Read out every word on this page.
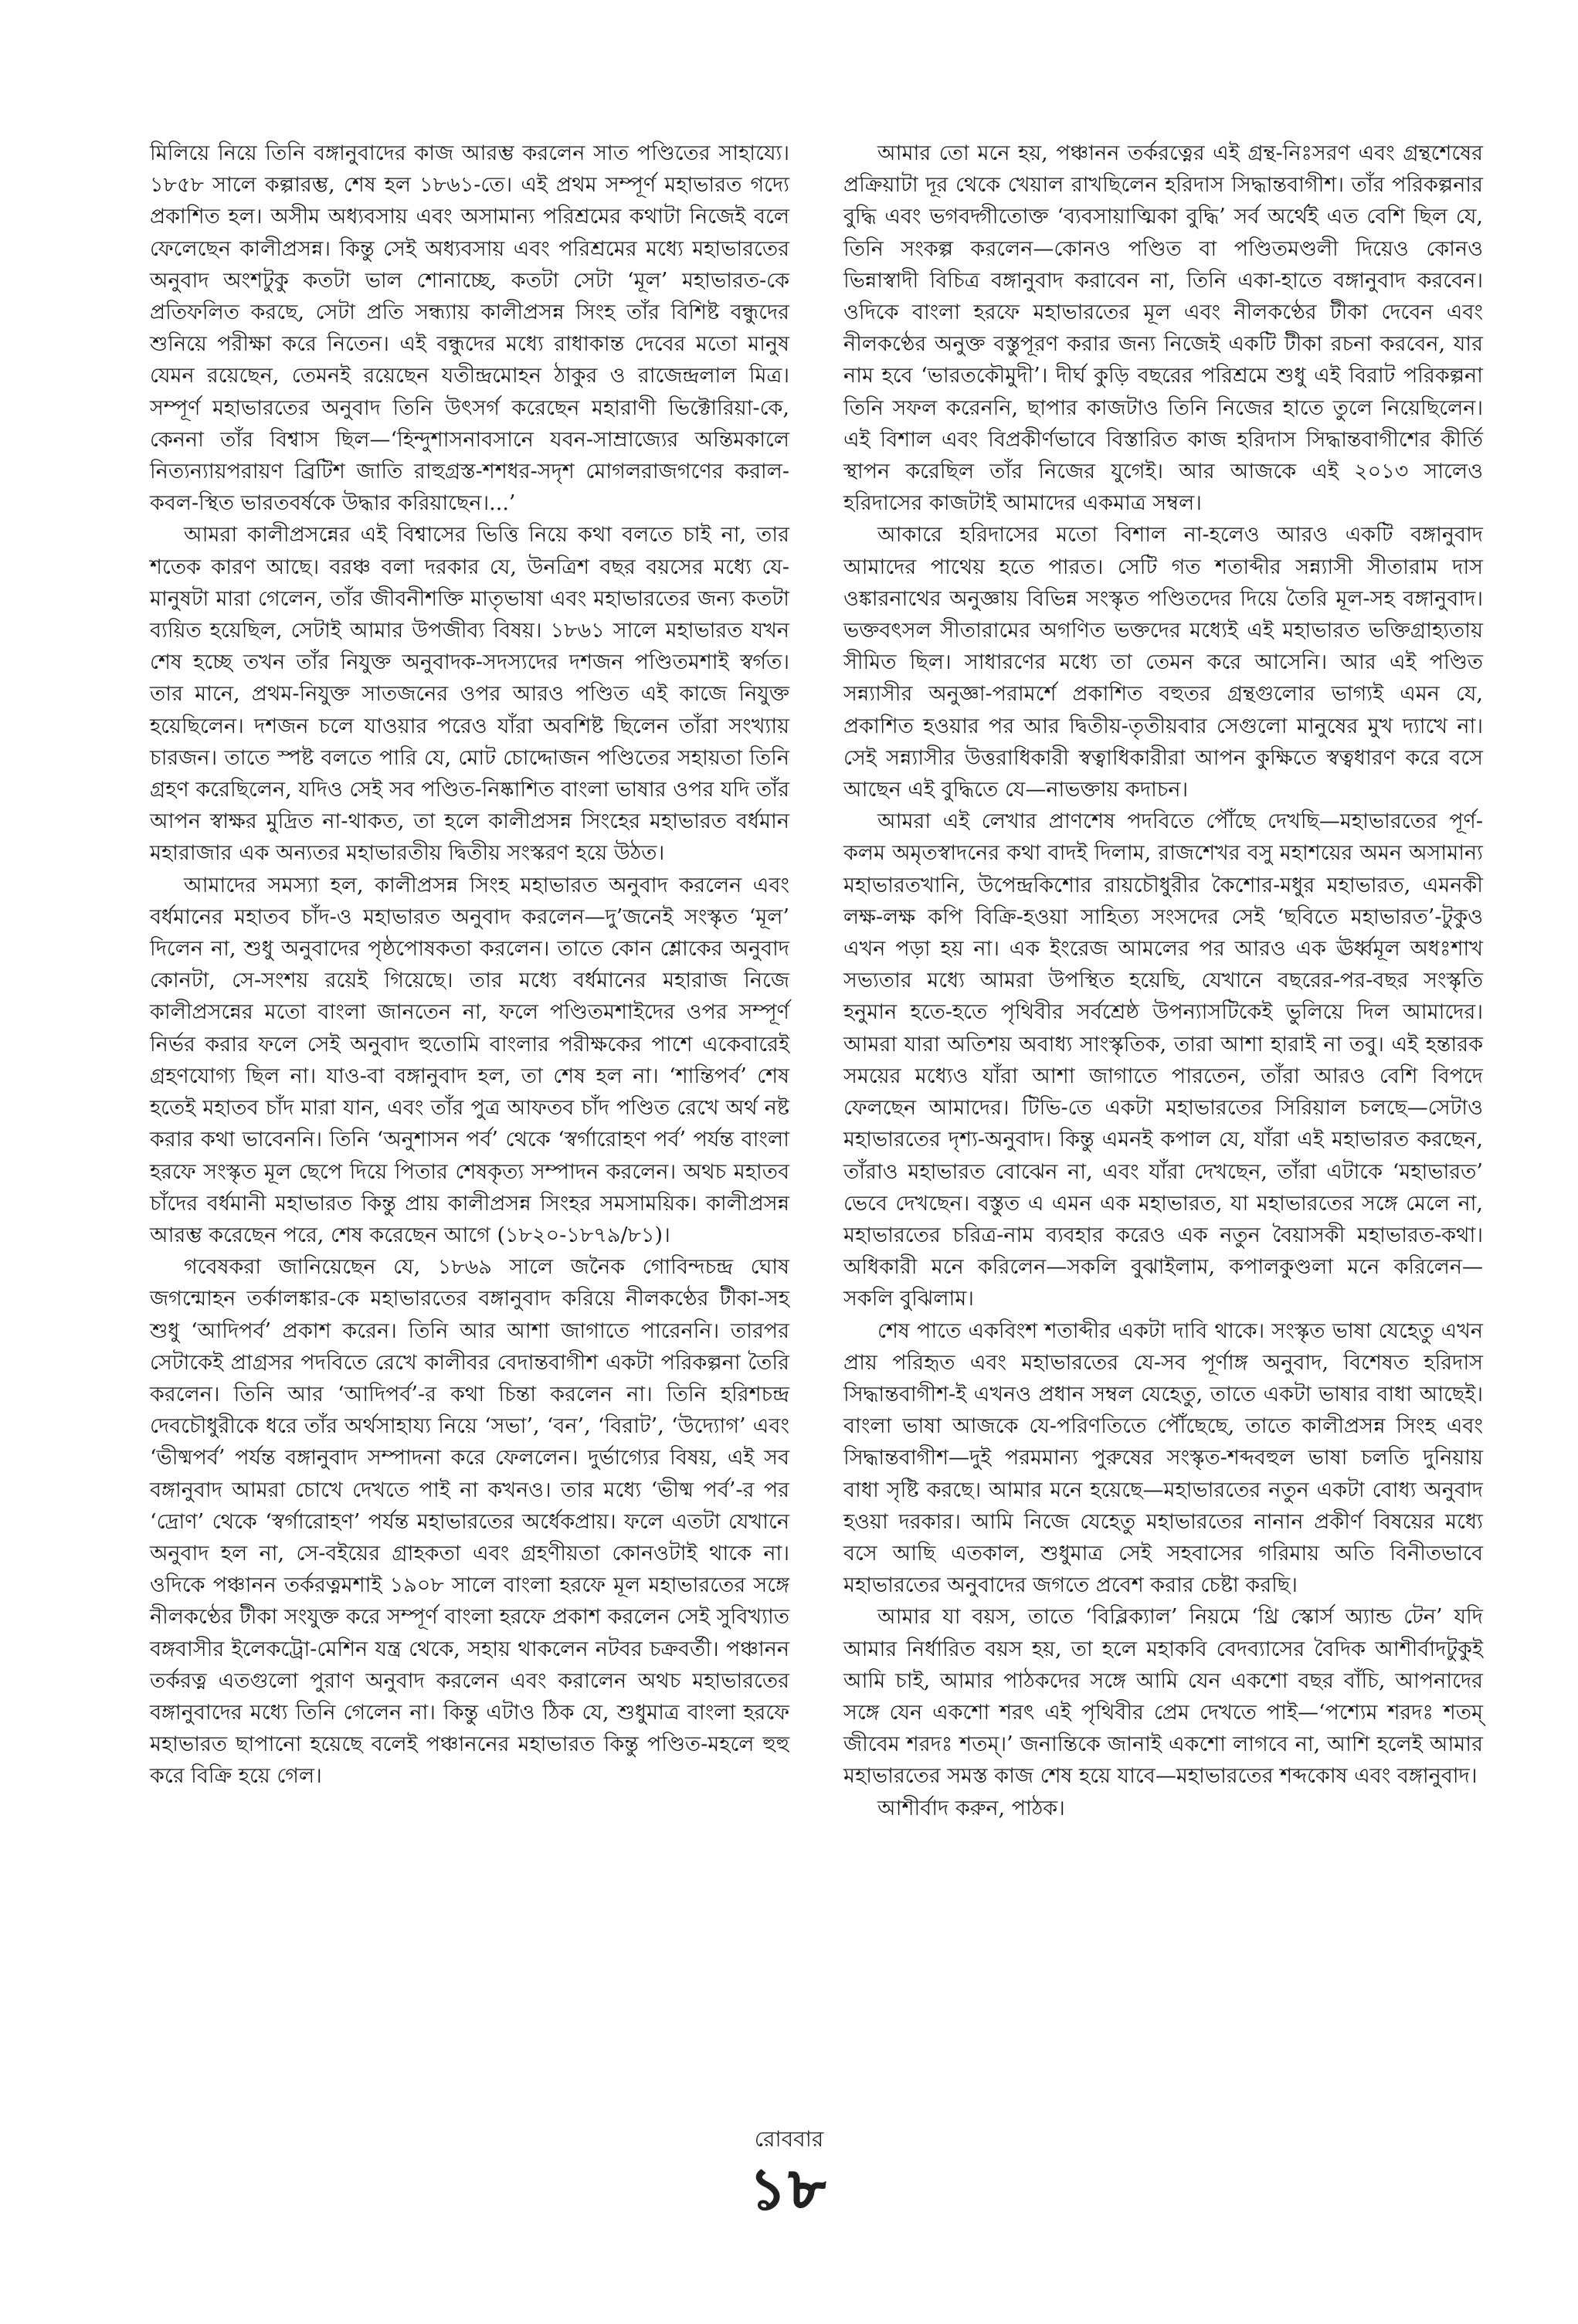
মিলিয়ে নিয়ে তিনি বঙ্গানুবাদের কাজ আরম্ভ করলেন সাত পণ্ডিতের সাহায্যে। ১৮৫৮ সালে কল্পারম্ভ, শেষ হল ১৮৬১-তে। এই প্রথম সম্পূর্ণ মহাভারত গদ্যে প্রকাশিত হল। অসীম অধ্যবসায় এবং অসামান্য পরিশ্রমের কথাটা নিজেই বলে ফেলেছেন কালীপ্রসন্ন। কিন্তু সেই অধ্যবসায় এবং পরিশ্রমের মধ্যে মহাভারতের অনুবাদ অংশটুকু কতটা ভাল শোনাচ্ছে, কতটা সেটা ‘মূল’ মহাভারত-কে প্রতিফলিত করছে, সেটা প্রতি সন্ধ্যায় কালীপ্রসন্ন সিংহ তাঁর বিশিষ্ট বন্ধুদের শুনিয়ে পরীক্ষা করে নিতেন। এই বন্ধুদের মধ্যে রাধাকান্ত দেবের মতো মানুষ যেমন রয়েছেন, তেমনই রয়েছেন যতীন্দ্রমোহন ঠাকুর ও রাজেন্দ্রলাল মিত্র। সম্পূর্ণ মহাভারতের অনুবাদ তিনি উৎসর্গ করেছেন মহারাণী ভিক্টোরিয়া-কে, কেননা তাঁর বিশ্বাস ছিল—‘হিন্দুশাসনাবসানে যবন-সাম্রাজ্যের অন্তিমকালে নিত্যন্যায়পরায়ণ ব্রিটিশ জাতি রাহুগ্রস্ত-শশধর-সদৃশ মোগলরাজগণের করাল-কবল-স্থিত ভারতবর্ষকে উদ্ধার করিয়াছেন।...’

আমরা কালীপ্রসন্নের এই বিশ্বাসের ভিত্তি নিয়ে কথা বলতে চাই না, তার শতেক কারণ আছে। বরঞ্চ বলা দরকার যে, উনত্রিশ বছর বয়সের মধ্যে যে-মানুষটা মারা গেলেন, তাঁর জীবনীশক্তি মাতৃভাষা এবং মহাভারতের জন্য কতটা ব্যয়িত হয়েছিল, সেটাই আমার উপজীব্য বিষয়। ১৮৬১ সালে মহাভারত যখন শেষ হচ্ছে তখন তাঁর নিযুক্ত অনুবাদক-সদস্যদের দশজন পণ্ডিতমশাই স্বর্গত। তার মানে, প্রথম-নিযুক্ত সাতজনের ওপর আরও পণ্ডিত এই কাজে নিযুক্ত হয়েছিলেন। দশজন চলে যাওয়ার পরেও যাঁরা অবশিষ্ট ছিলেন তাঁরা সংখ্যায় চারজন। তাতে স্পষ্ট বলতে পারি যে, মোট চোদ্দোজন পণ্ডিতের সহায়তা তিনি গ্রহণ করেছিলেন, যদিও সেই সব পণ্ডিত-নিষ্কাশিত বাংলা ভাষার ওপর যদি তাঁর আপন স্বাক্ষর মুদ্রিত না-থাকত, তা হলে কালীপ্রসন্ন সিংহের মহাভারত বর্ধমান মহারাজার এক অন্যতর মহাভারতীয় দ্বিতীয় সংস্করণ হয়ে উঠত।

আমাদের সমস্যা হল, কালীপ্রসন্ন সিংহ মহাভারত অনুবাদ করলেন এবং বর্ধমানের মহাতব চাঁদ-ও মহাভারত অনুবাদ করলেন—দু’জনেই সংস্কৃত ‘মূল’ দিলেন না, শুধু অনুবাদের পৃষ্ঠপোষকতা করলেন। তাতে কোন শ্লোকের অনুবাদ কোনটা, সে-সংশয় রয়েই গিয়েছে। তার মধ্যে বর্ধমানের মহারাজ নিজে কালীপ্রসন্নের মতো বাংলা জানতেন না, ফলে পণ্ডিতমশাইদের ওপর সম্পূর্ণ নির্ভর করার ফলে সেই অনুবাদ হুতোমি বাংলার পরীক্ষকের পাশে একেবারেই গ্রহণযোগ্য ছিল না। যাও-বা বঙ্গানুবাদ হল, তা শেষ হল না। ‘শান্তিপর্ব’ শেষ হতেই মহাতব চাঁদ মারা যান, এবং তাঁর পুত্র আফতব চাঁদ পণ্ডিত রেখে অর্থ নষ্ট করার কথা ভাবেননি। তিনি ‘অনুশাসন পর্ব’ থেকে ‘স্বর্গারোহণ পর্ব’ পর্যন্ত বাংলা হরফে সংস্কৃত মূল ছেপে দিয়ে পিতার শেষকৃত্য সম্পাদন করলেন। অথচ মহাতব চাঁদের বর্ধমানী মহাভারত কিন্তু প্রায় কালীপ্রসন্ন সিংহর সমসাময়িক। কালীপ্রসন্ন আরম্ভ করেছেন পরে, শেষ করেছেন আগে (১৮২০-১৮৭৯/৮১)।

গবেষকরা জানিয়েছেন যে, ১৮৬৯ সালে জনৈক গোবিন্দচন্দ্র ঘোষ জগন্মোহন তর্কালঙ্কার-কে মহাভারতের বঙ্গানুবাদ করিয়ে নীলকণ্ঠের টীকা-সহ শুধু ‘আদিপর্ব’ প্রকাশ করেন। তিনি আর আশা জাগাতে পারেননি। তারপর সেটাকেই প্রাগ্রসর পদবিতে রেখে কালীবর বেদান্তবাগীশ একটা পরিকল্পনা তৈরি করলেন। তিনি আর ‘আদিপর্ব’-র কথা চিন্তা করলেন না। তিনি হরিশচন্দ্র দেবচৌধুরীকে ধরে তাঁর অর্থসাহায্য নিয়ে ‘সভা’, ‘বন’, ‘বিরাট’, ‘উদ্যোগ’ এবং ‘ভীষ্মপর্ব’ পর্যন্ত বঙ্গানুবাদ সম্পাদনা করে ফেললেন। দুর্ভাগ্যের বিষয়, এই সব বঙ্গানুবাদ আমরা চোখে দেখতে পাই না কখনও। তার মধ্যে ‘ভীষ্ম পর্ব’-র পর ‘দ্রোণ’ থেকে ‘স্বর্গারোহণ’ পর্যন্ত মহাভারতের অর্ধেকপ্রায়। ফলে এতটা যেখানে অনুবাদ হল না, সে-বইয়ের গ্রাহকতা এবং গ্রহণীয়তা কোনওটাই থাকে না। ওদিকে পঞ্চানন তর্করত্নমশাই ১৯০৮ সালে বাংলা হরফে মূল মহাভারতের সঙ্গে নীলকণ্ঠের টীকা সংযুক্ত করে সম্পূর্ণ বাংলা হরফে প্রকাশ করলেন সেই সুবিখ্যাত বঙ্গবাসীর ইলেকট্রো-মেশিন যন্ত্র থেকে, সহায় থাকলেন নটবর চক্রবর্তী। পঞ্চানন তর্করত্ন এতগুলো পুরাণ অনুবাদ করলেন এবং করালেন অথচ মহাভারতের বঙ্গানুবাদের মধ্যে তিনি গেলেন না। কিন্তু এটাও ঠিক যে, শুধুমাত্র বাংলা হরফে মহাভারত ছাপানো হয়েছে বলেই পঞ্চাননের মহাভারত কিন্তু পণ্ডিত-মহলে হুহু করে বিক্রি হয়ে গেল।

আমার তো মনে হয়, পঞ্চানন তর্করত্নের এই গ্রন্থ-নিঃসরণ এবং গ্রন্থশেষের প্রক্রিয়াটা দূর থেকে খেয়াল রাখছিলেন হরিদাস সিদ্ধান্তবাগীশ। তাঁর পরিকল্পনার বুদ্ধি এবং ভগবদ্গীতোক্ত ‘ব্যবসায়াত্মিকা বুদ্ধি’ সর্ব অর্থেই এত বেশি ছিল যে, তিনি সংকল্প করলেন—কোনও পণ্ডিত বা পণ্ডিতমণ্ডলী দিয়েও কোনও ভিন্নাস্বাদী বিচিত্র বঙ্গানুবাদ করাবেন না, তিনি একা-হাতে বঙ্গানুবাদ করবেন। ওদিকে বাংলা হরফে মহাভারতের মূল এবং নীলকণ্ঠের টীকা দেবেন এবং নীলকণ্ঠের অনুক্ত বস্তুপূরণ করার জন্য নিজেই একটি টীকা রচনা করবেন, যার নাম হবে ‘ভারতকৌমুদী’। দীর্ঘ কুড়ি বছরের পরিশ্রমে শুধু এই বিরাট পরিকল্পনা তিনি সফল করেননি, ছাপার কাজটাও তিনি নিজের হাতে তুলে নিয়েছিলেন। এই বিশাল এবং বিপ্রকীর্ণভাবে বিস্তারিত কাজ হরিদাস সিদ্ধান্তবাগীশের কীর্তি স্থাপন করেছিল তাঁর নিজের যুগেই। আর আজকে এই ২০১৩ সালেও হরিদাসের কাজটাই আমাদের একমাত্র সম্বল।

আকারে হরিদাসের মতো বিশাল না-হলেও আরও একটি বঙ্গানুবাদ আমাদের পাথেয় হতে পারত। সেটি গত শতাব্দীর সন্ন্যাসী সীতারাম দাস ওঙ্কারনাথের অনুজ্ঞায় বিভিন্ন সংস্কৃত পণ্ডিতদের দিয়ে তৈরি মূল-সহ বঙ্গানুবাদ। ভক্তবৎসল সীতারামের অগণিত ভক্তদের মধ্যেই এই মহাভারত ভক্তিগ্রাহ্যতায় সীমিত ছিল। সাধারণের মধ্যে তা তেমন করে আসেনি। আর এই পণ্ডিত সন্ন্যাসীর অনুজ্ঞা-পরামর্শে প্রকাশিত বহুতর গ্রন্থগুলোর ভাগ্যই এমন যে, প্রকাশিত হওয়ার পর আর দ্বিতীয়-তৃতীয়বার সেগুলো মানুষের মুখ দ্যাখে না। সেই সন্ন্যাসীর উত্তরাধিকারী স্বত্বাধিকারীরা আপন কুক্ষিতে স্বত্বধারণ করে বসে আছেন এই বুদ্ধিতে যে—নাভক্তায় কদাচন।

আমরা এই লেখার প্রাণশেষ পদবিতে পৌঁছে দেখছি—মহাভারতের পূর্ণ-কলম অমৃতস্বাদনের কথা বাদই দিলাম, রাজশেখর বসু মহাশয়ের অমন অসামান্য মহাভারতখানি, উপেন্দ্রকিশোর রায়চৌধুরীর কৈশোর-মধুর মহাভারত, এমনকী লক্ষ-লক্ষ কপি বিক্রি-হওয়া সাহিত্য সংসদের সেই ‘ছবিতে মহাভারত’-টুকুও এখন পড়া হয় না। এক ইংরেজ আমলের পর আরও এক ঊর্ধ্বমূল অধঃশাখ সভ্যতার মধ্যে আমরা উপস্থিত হয়েছি, যেখানে বছরের-পর-বছর সংস্কৃতি হনুমান হতে-হতে পৃথিবীর সর্বশ্রেষ্ঠ উপন্যাসটিকেই ভুলিয়ে দিল আমাদের। আমরা যারা অতিশয় অবাধ্য সাংস্কৃতিক, তারা আশা হারাই না তবু। এই হন্তারক সময়ের মধ্যেও যাঁরা আশা জাগাতে পারতেন, তাঁরা আরও বেশি বিপদে ফেলছেন আমাদের। টিভি-তে একটা মহাভারতের সিরিয়াল চলছে—সেটাও মহাভারতের দৃশ্য-অনুবাদ। কিন্তু এমনই কপাল যে, যাঁরা এই মহাভারত করছেন, তাঁরাও মহাভারত বোঝেন না, এবং যাঁরা দেখছেন, তাঁরা এটাকে ‘মহাভারত’ ভেবে দেখছেন। বস্তুত এ এমন এক মহাভারত, যা মহাভারতের সঙ্গে মেলে না, মহাভারতের চরিত্র-নাম ব্যবহার করেও এক নতুন বৈয়াসকী মহাভারত-কথা। অধিকারী মনে করিলেন—সকলি বুঝাইলাম, কপালকুণ্ডলা মনে করিলেন—সকলি বুঝিলাম।

শেষ পাতে একবিংশ শতাব্দীর একটা দাবি থাকে। সংস্কৃত ভাষা যেহেতু এখন প্রায় পরিহৃত এবং মহাভারতের যে-সব পূর্ণাঙ্গ অনুবাদ, বিশেষত হরিদাস সিদ্ধান্তবাগীশ-ই এখনও প্রধান সম্বল যেহেতু, তাতে একটা ভাষার বাধা আছেই। বাংলা ভাষা আজকে যে-পরিণতিতে পৌঁছেছে, তাতে কালীপ্রসন্ন সিংহ এবং সিদ্ধান্তবাগীশ—দুই পরমমান্য পুরুষের সংস্কৃত-শব্দবহুল ভাষা চলতি দুনিয়ায় বাধা সৃষ্টি করছে। আমার মনে হয়েছে—মহাভারতের নতুন একটা বোধ্য অনুবাদ হওয়া দরকার। আমি নিজে যেহেতু মহাভারতের নানান প্রকীর্ণ বিষয়ের মধ্যে বসে আছি এতকাল, শুধুমাত্র সেই সহবাসের গরিমায় অতি বিনীতভাবে মহাভারতের অনুবাদের জগতে প্রবেশ করার চেষ্টা করছি।

আমার যা বয়স, তাতে ‘বিব্লিক্যাল’ নিয়মে ‘থ্রি স্কোর্স অ্যান্ড টেন’ যদি আমার নির্ধারিত বয়স হয়, তা হলে মহাকবি বেদব্যাসের বৈদিক আশীর্বাদটুকুই আমি চাই, আমার পাঠকদের সঙ্গে আমি যেন একশো বছর বাঁচি, আপনাদের সঙ্গে যেন একশো শরৎ এই পৃথিবীর প্রেম দেখতে পাই—‘পশ্যেম শরদঃ শতম্ জীবেম শরদঃ শতম্।’ জনান্তিকে জানাই একশো লাগবে না, আশি হলেই আমার মহাভারতের সমস্ত কাজ শেষ হয়ে যাবে—মহাভারতের শব্দকোষ এবং বঙ্গানুবাদ।

আশীর্বাদ করুন, পাঠক।

রোববার
১৮
